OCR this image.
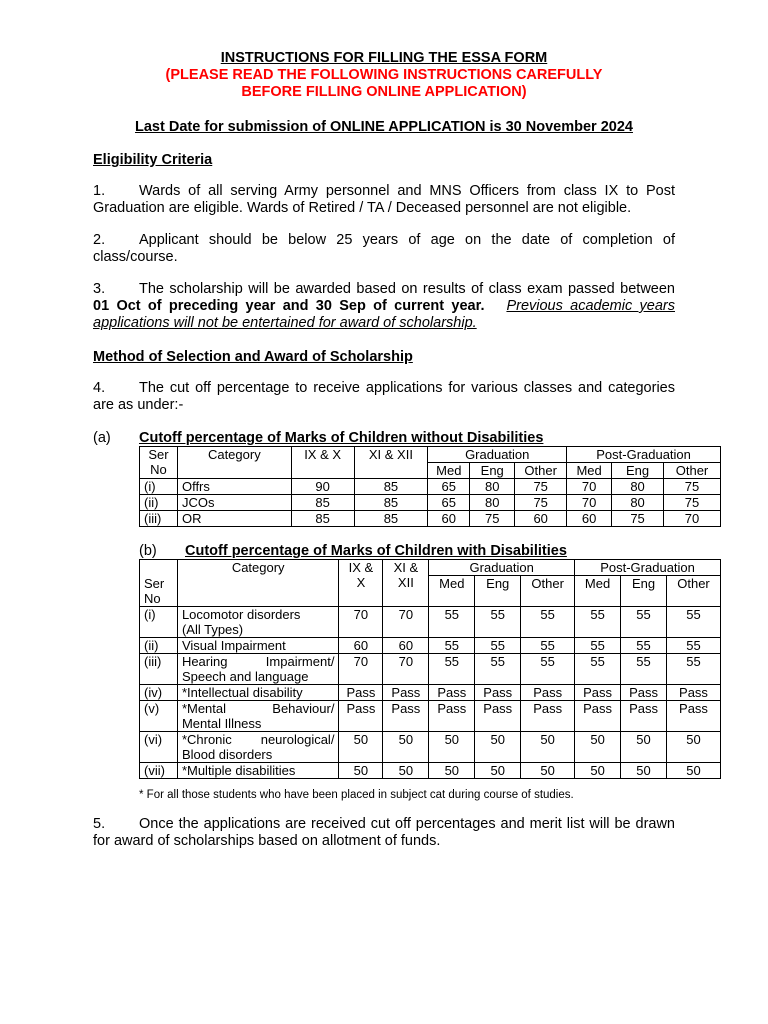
INSTRUCTIONS FOR FILLING THE ESSA FORM
(PLEASE READ THE FOLLOWING INSTRUCTIONS CAREFULLY
BEFORE FILLING ONLINE APPLICATION)
Last Date for submission of ONLINE APPLICATION is 30 November 2024
Eligibility Criteria

1. Wards of all serving Army personnel and MNS Officers from class IX to Post Graduation are eligible. Wards of Retired / TA / Deceased personnel are not eligible.

2. Applicant should be below 25 years of age on the date of completion of class/course.

3. The scholarship will be awarded based on results of class exam passed between 01 Oct of preceding year and 30 Sep of current year. Previous academic years applications will not be entertained for award of scholarship.

Method of Selection and Award of Scholarship

4. The cut off percentage to receive applications for various classes and categories are as under:-

(a) Cutoff percentage of Marks of Children without Disabilities
Ser
No	Category	IX & X	XI & XII	Graduation			Post-Graduation		
				Med	Eng	Other	Med	Eng	Other
(i)	Offrs	90	85	65	80	75	70	80	75
(ii)	JCOs	85	85	65	80	75	70	80	75
(iii)	OR	85	85	60	75	60	60	75	70
(b) Cutoff percentage of Marks of Children with Disabilities
	Category	IX &
X	XI &
XII	Graduation			Post-Graduation		
Ser
No				Med	Eng	Other	Med	Eng	Other
(i)	Locomotor disorders
(All Types)	70	70	55	55	55	55	55	55
(ii)	Visual Impairment	60	60	55	55	55	55	55	55
(iii)	Hearing Impairment/
Speech and language	70	70	55	55	55	55	55	55
(iv)	*Intellectual disability	Pass	Pass	Pass	Pass	Pass	Pass	Pass	Pass
(v)	*Mental Behaviour/
Mental Illness	Pass	Pass	Pass	Pass	Pass	Pass	Pass	Pass
(vi)	*Chronic neurological/
Blood disorders	50	50	50	50	50	50	50	50
(vii)	*Multiple disabilities	50	50	50	50	50	50	50	50
* For all those students who have been placed in subject cat during course of studies.

5. Once the applications are received cut off percentages and merit list will be drawn for award of scholarships based on allotment of funds.
